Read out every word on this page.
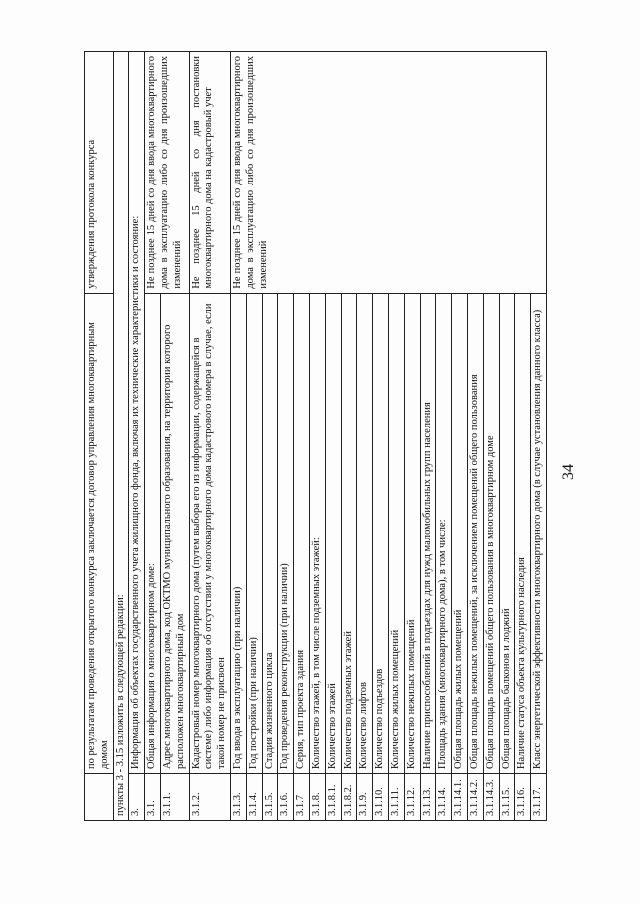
34
	по результатам проведения открытого конкурса заключается договор управления многоквартирным домом	утверждения протокола конкурса
пункты 3 - 3.15 изложить в следующей редакции:		
3.	Информация об объектах государственного учета жилищного фонда, включая их технические характеристики и состояние:	
3.1.	Общая информация о многоквартирном доме:	Не позднее 15 дней со дня ввода многоквартирного дома в эксплуатацию либо со дня произошедших изменений
3.1.1.	Адрес многоквартирного дома, код ОКТМО муниципального образования, на территории которого расположен многоквартирный дом	
3.1.2.	Кадастровый номер многоквартирного дома (путем выбора его из информации, содержащейся в системе) либо информация об отсутствии у многоквартирного дома кадастрового номера в случае, если такой номер не присвоен	Не позднее 15 дней со дня постановки многоквартирного дома на кадастровый учет
3.1.3.	Год ввода в эксплуатацию (при наличии)	Не позднее 15 дней со дня ввода многоквартирного дома в эксплуатацию либо со дня произошедших изменений
3.1.4.	Год постройки (при наличии)	
3.1.5.	Стадия жизненного цикла	
3.1.6.	Год проведения реконструкции (при наличии)	
3.1.7	Серия, тип проекта здания	
3.1.8.	Количество этажей, в том числе подземных этажей:	
3.1.8.1.	Количество этажей	
3.1.8.2.	Количество подземных этажей	
3.1.9.	Количество лифтов	
3.1.10.	Количество подъездов	
3.1.11.	Количество жилых помещений	
3.1.12.	Количество нежилых помещений	
3.1.13.	Наличие приспособлений в подъездах для нужд маломобильных групп населения	
3.1.14.	Площадь здания (многоквартирного дома), в том числе:	
3.1.14.1.	Общая площадь жилых помещений	
3.1.14.2.	Общая площадь нежилых помещений, за исключением помещений общего пользования	
3.1.14.3.	Общая площадь помещений общего пользования в многоквартирном доме	
3.1.15.	Общая площадь балконов и лоджий	
3.1.16.	Наличие статуса объекта культурного наследия	
3.1.17.	Класс энергетической эффективности многоквартирного дома (в случае установления данного класса)	
